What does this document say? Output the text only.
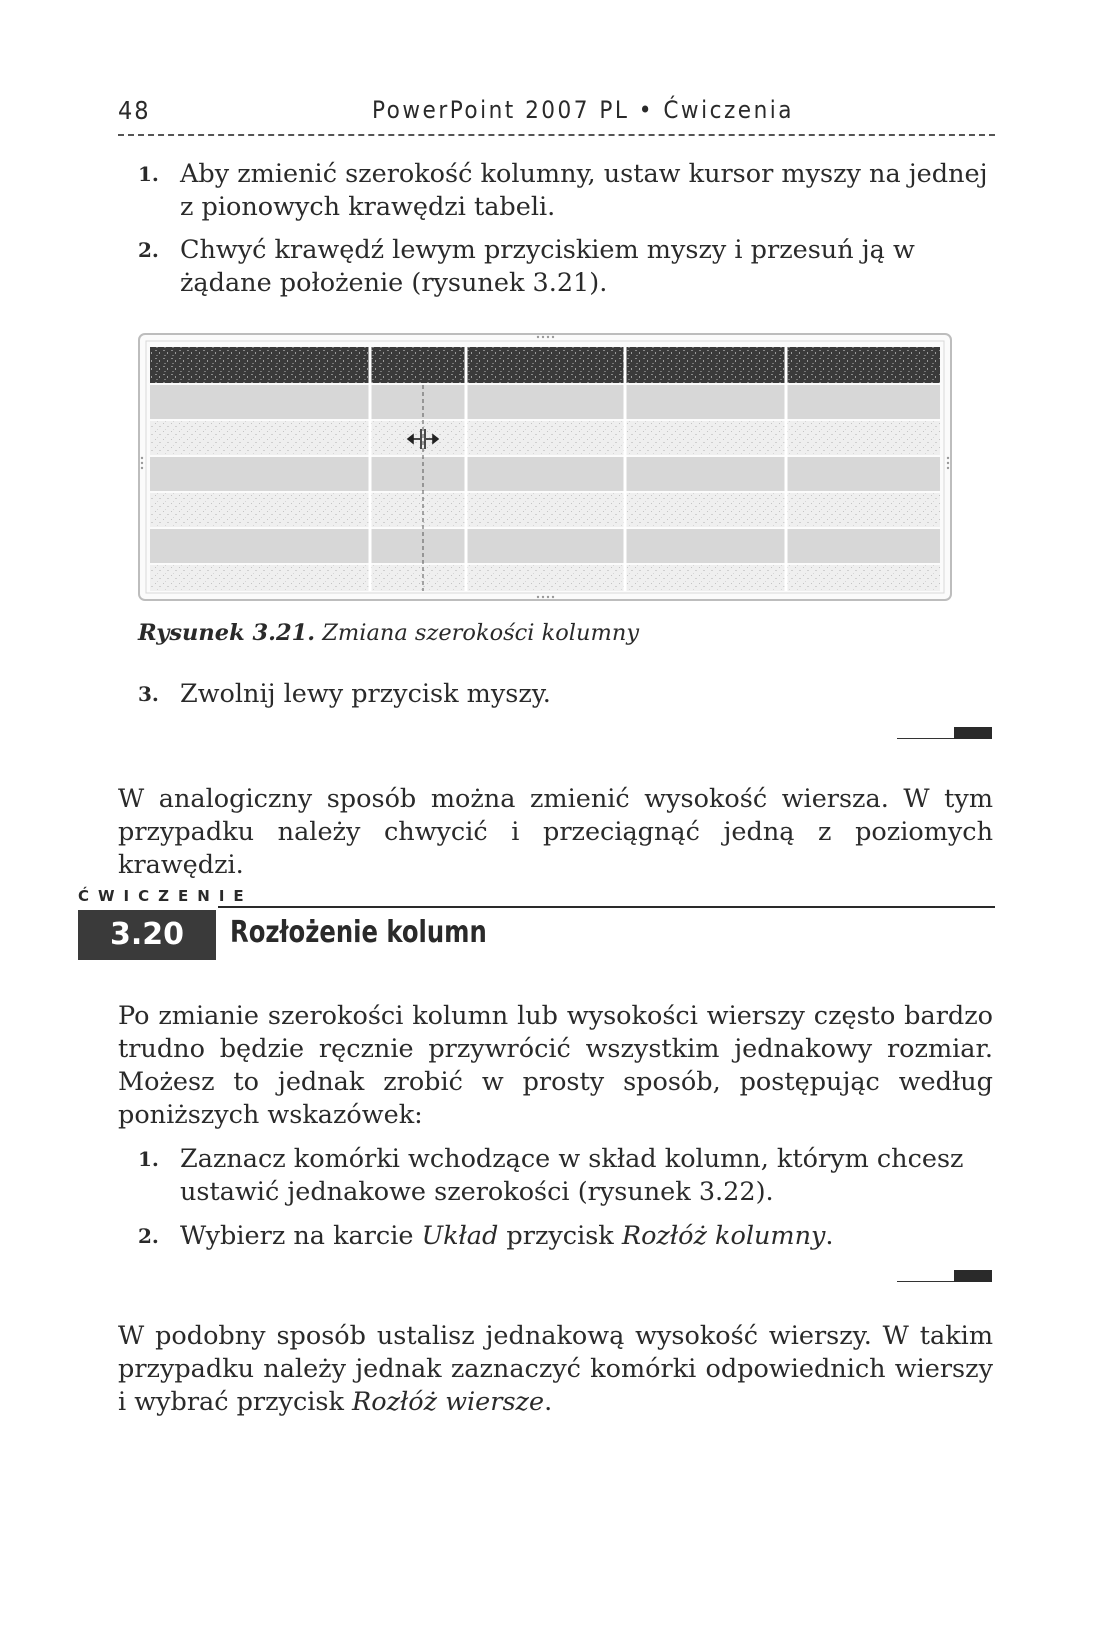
48	PowerPoint 2007 PL • Ćwiczenia
1. Aby zmienić szerokość kolumny, ustaw kursor myszy na jednej z pionowych krawędzi tabeli.
2. Chwyć krawędź lewym przyciskiem myszy i przesuń ją w żądane położenie (rysunek 3.21).
Rysunek 3.21. Zmiana szerokości kolumny
3. Zwolnij lewy przycisk myszy.
W analogiczny sposób można zmienić wysokość wiersza. W tym przypadku należy chwycić i przeciągnąć jedną z poziomych krawędzi.
ĆWICZENIE
3.20	Rozłożenie kolumn
Po zmianie szerokości kolumn lub wysokości wierszy często bardzo trudno będzie ręcznie przywrócić wszystkim jednakowy rozmiar. Możesz to jednak zrobić w prosty sposób, postępując według poniższych wskazówek:
1. Zaznacz komórki wchodzące w skład kolumn, którym chcesz ustawić jednakowe szerokości (rysunek 3.22).
2. Wybierz na karcie Układ przycisk Rozłóż kolumny.
W podobny sposób ustalisz jednakową wysokość wierszy. W takim przypadku należy jednak zaznaczyć komórki odpowiednich wierszy i wybrać przycisk Rozłóż wiersze.
